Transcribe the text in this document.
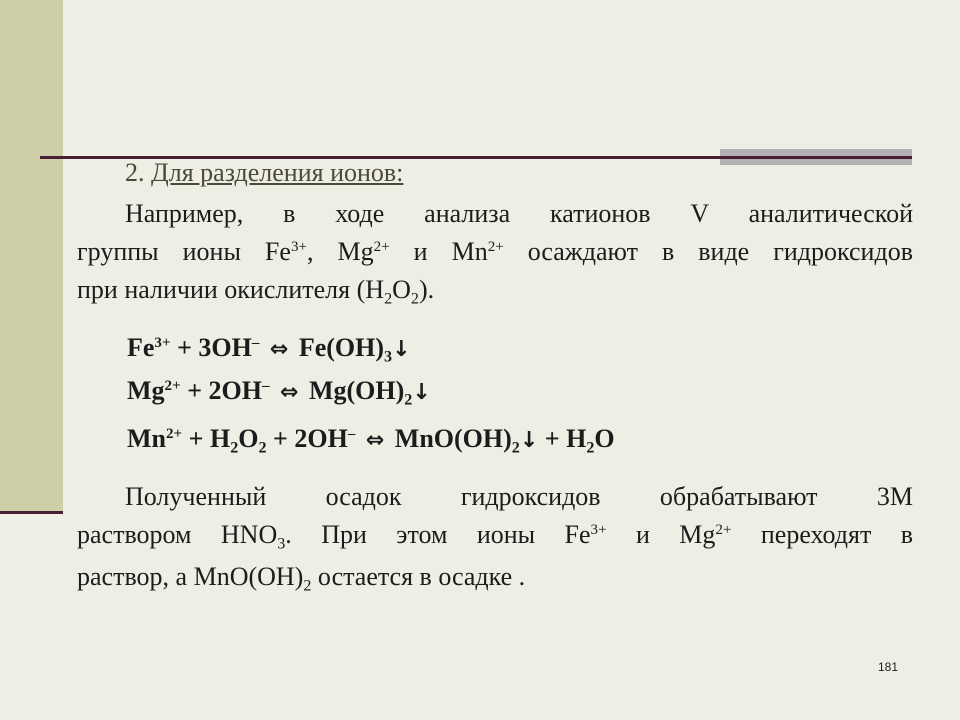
2. Для разделения ионов:
Например, в ходе анализа катионов V аналитической
группы ионы $Fe^{3+}$, $Mg^{2+}$ и $Mn^{2+}$ осаждают в виде гидроксидов
при наличии окислителя $(H_2O_2)$.
$Fe^{3+} + 3OH^-$ ⇔ $Fe(OH)_3↓$
$Mg^{2+} + 2OH^-$ ⇔ $Mg(OH)_2↓$
$Mn^{2+} + H_2O_2 + 2OH^-$ ⇔ $MnO(OH)_2↓ + H_2O$
Полученный осадок гидроксидов обрабатывают 3М
раствором $HNO_3$. При этом ионы $Fe^{3+}$ и $Mg^{2+}$ переходят в
раствор, а $MnO(OH)_2$ остается в осадке .
181
